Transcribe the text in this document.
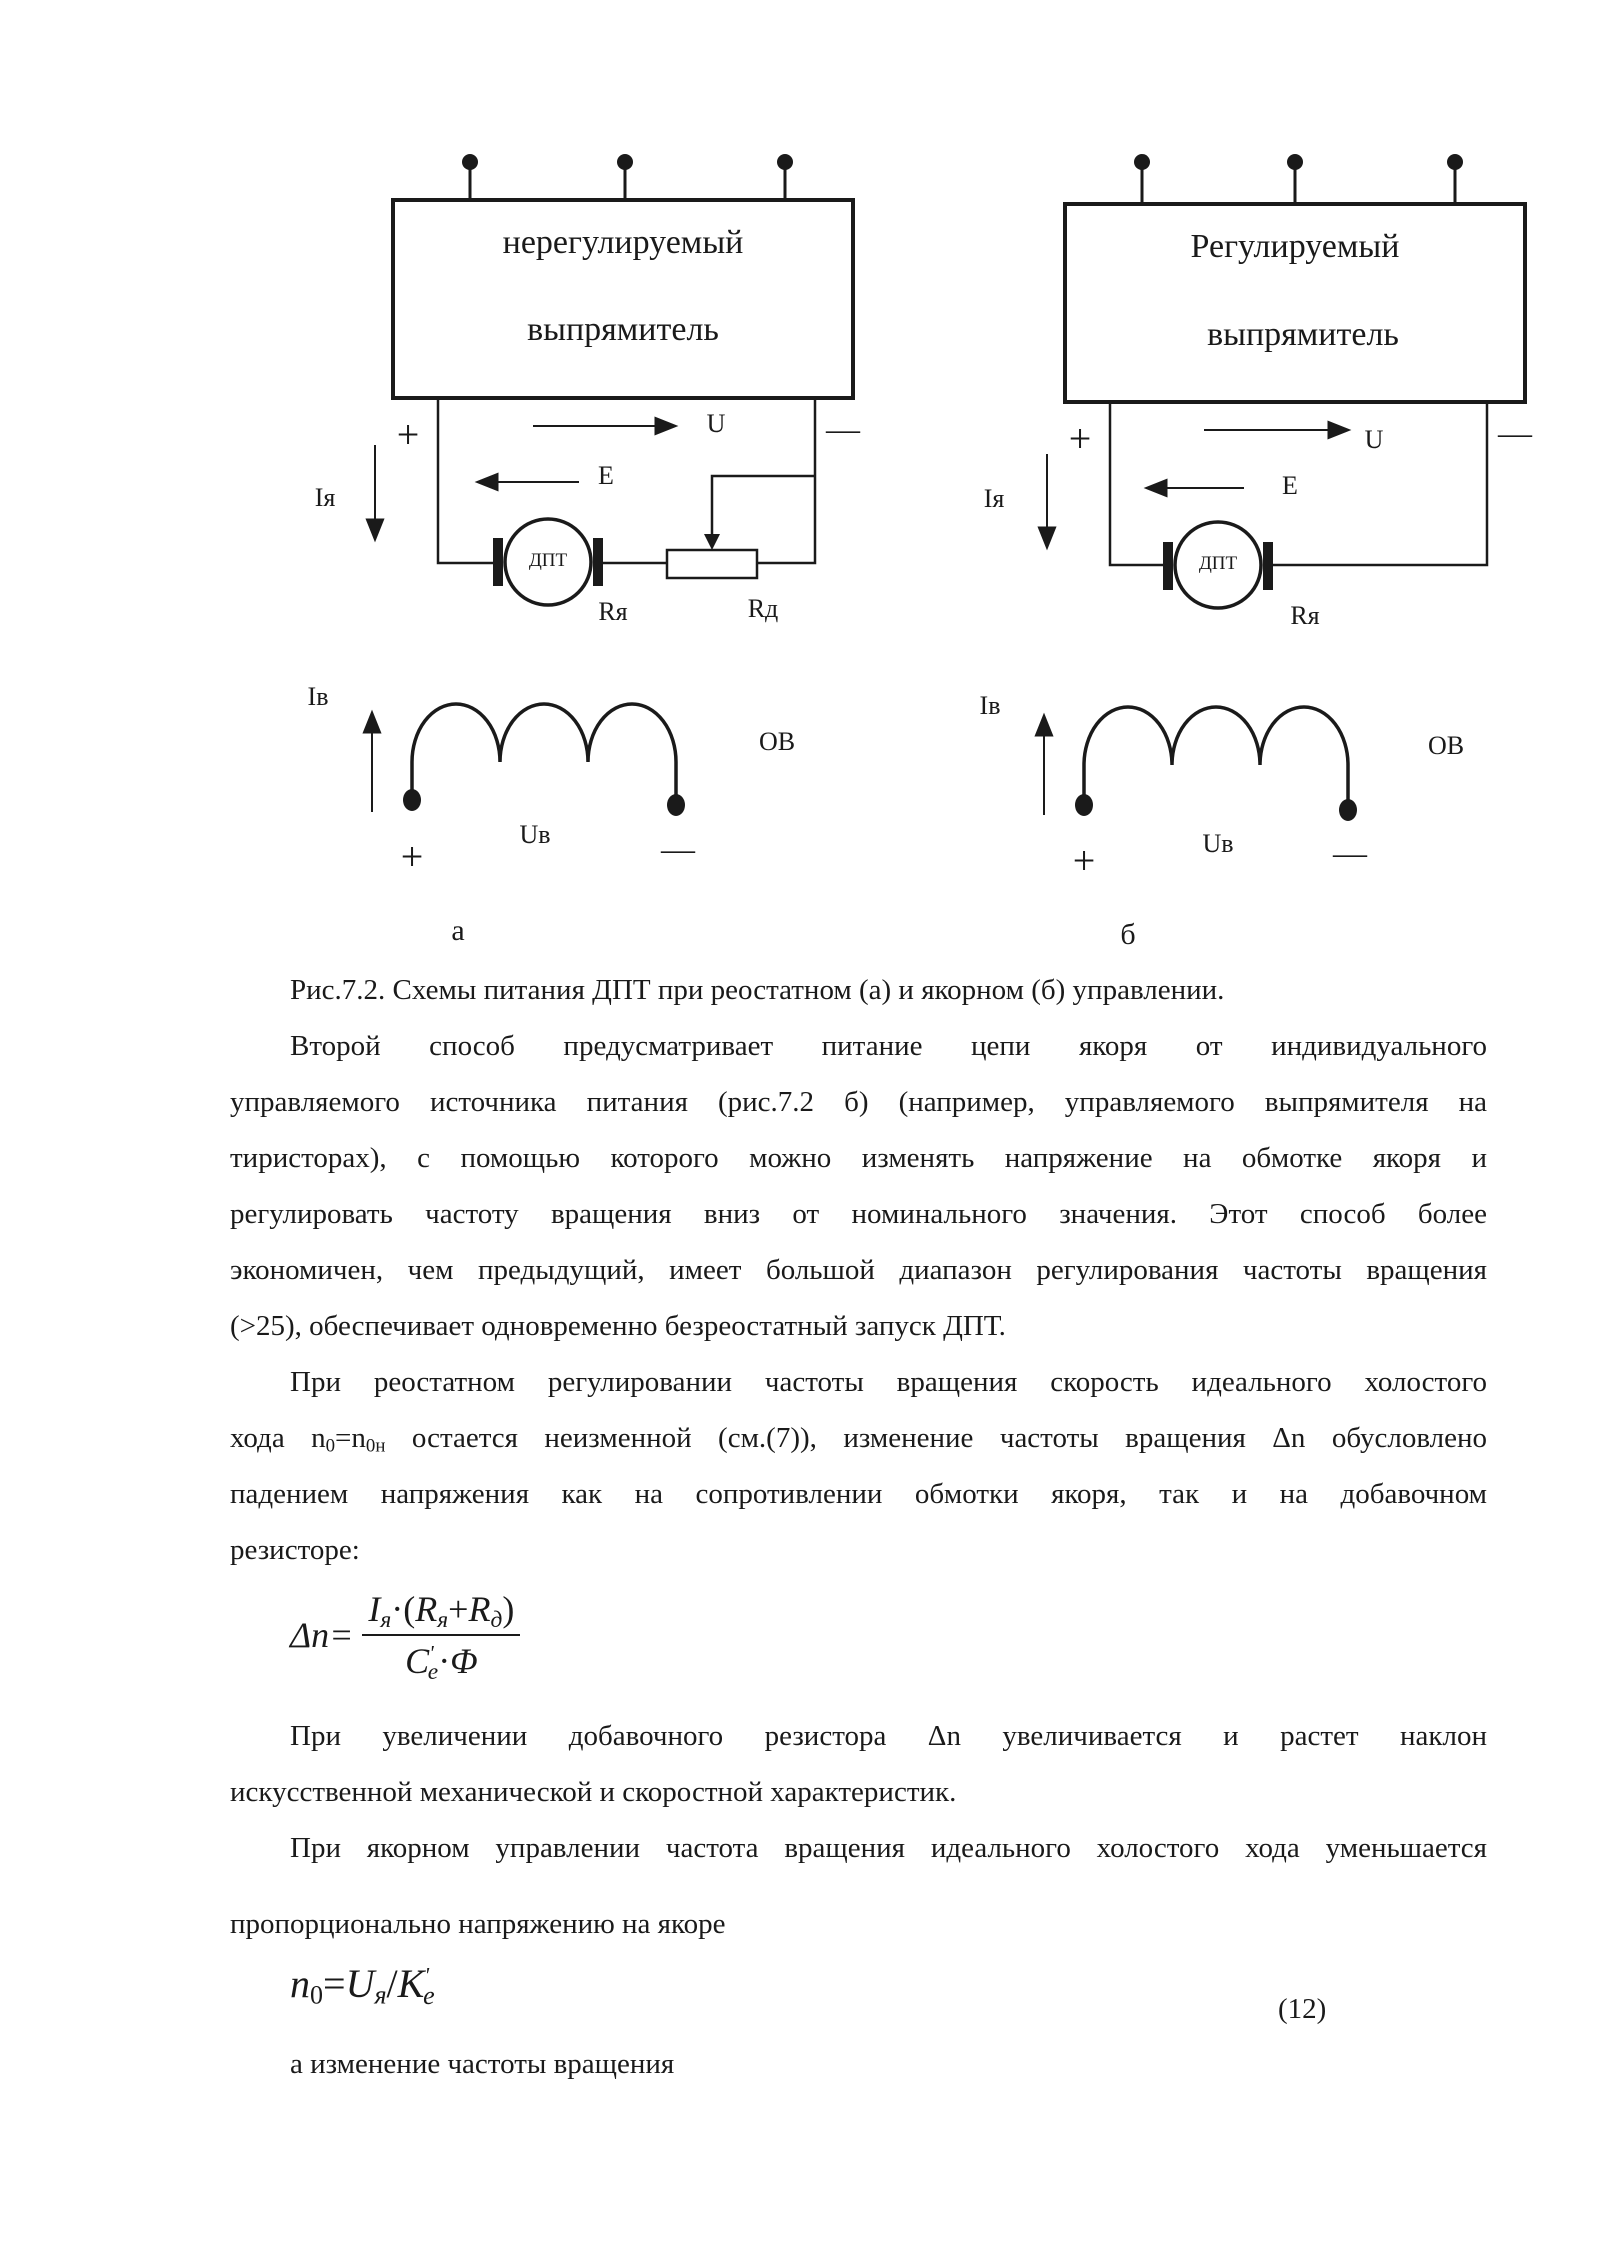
нерегулируемый
выпрямитель
+	—
U
E
Iя
ДПТ
Rя	Rд
Iв
ОВ
Uв
+	—
а
Регулируемый
выпрямитель
+	—
U
E
Iя
ДПТ
Rя
Iв
ОВ
Uв
+	—
б
Рис.7.2. Схемы питания ДПТ при реостатном (а) и якорном (б) управлении.
Второй способ предусматривает питание цепи якоря от индивидуального
управляемого источника питания (рис.7.2 б) (например, управляемого выпрямителя на
тиристорах), с помощью которого можно изменять напряжение на обмотке якоря и
регулировать частоту вращения вниз от номинального значения. Этот способ более
экономичен, чем предыдущий, имеет большой диапазон регулирования частоты вращения
(>25), обеспечивает одновременно безреостатный запуск ДПТ.
При реостатном регулировании частоты вращения скорость идеального холостого
хода $n_0=n_{0н}$ остается неизменной (см.(7)), изменение частоты вращения Δn обусловлено
падением напряжения как на сопротивлении обмотки якоря, так и на добавочном
резисторе:
$\Delta n= \frac{I_я\cdot(R_я+R_д)}{C'_e\cdot\Phi}$
При увеличении добавочного резистора Δn увеличивается и растет наклон
искусственной механической и скоростной характеристик.
При якорном управлении частота вращения идеального холостого хода уменьшается
пропорционально напряжению на якоре
$n_0=U_я/K'_e$	(12)
а изменение частоты вращения
